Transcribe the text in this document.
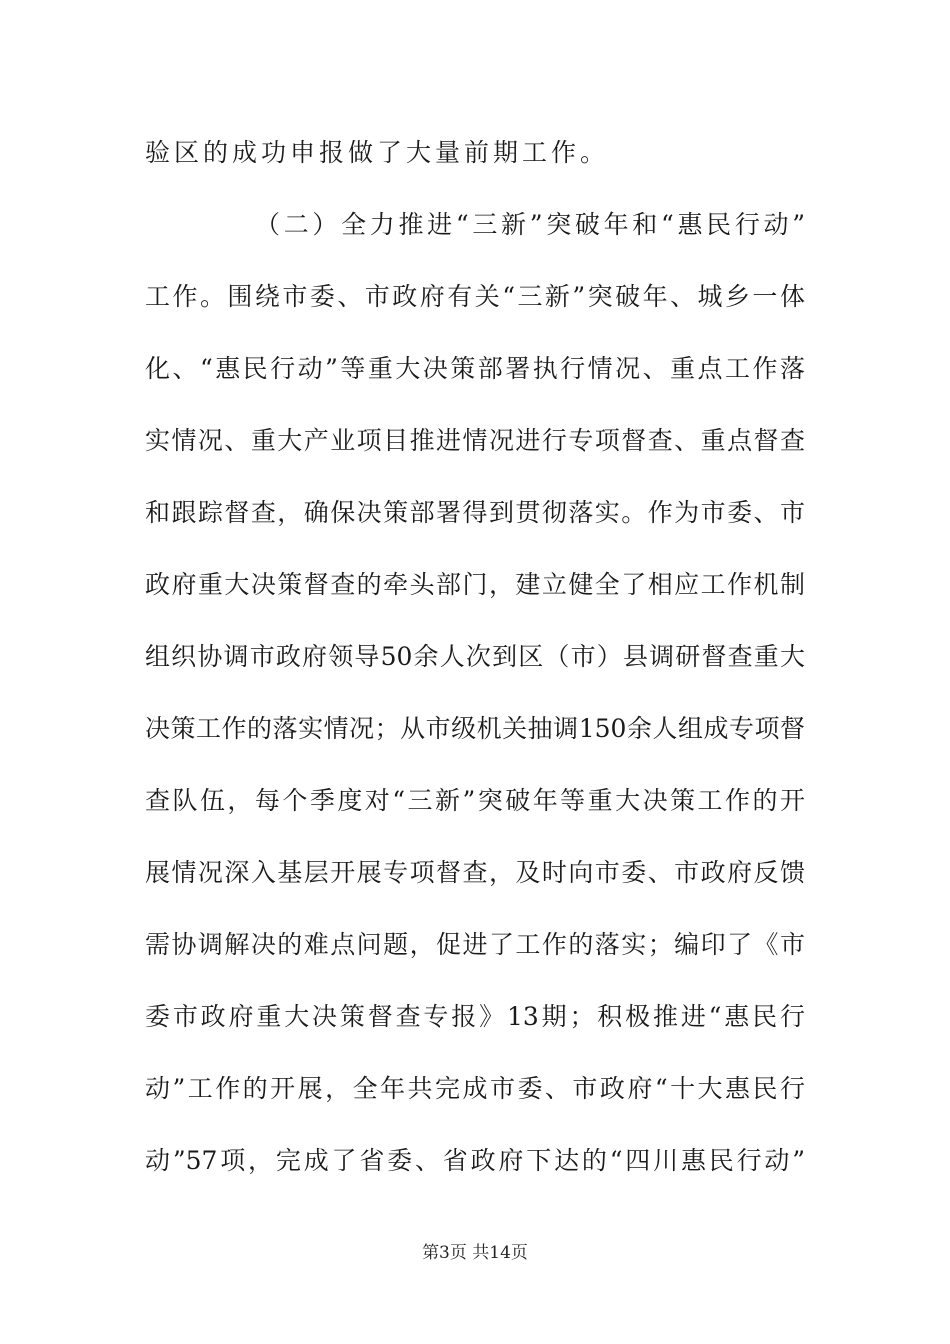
验区的成功申报做了大量前期工作。
（二）全力推进“三新”突破年和“惠民行动”
工作。围绕市委、市政府有关“三新”突破年、城乡一体
化、“惠民行动”等重大决策部署执行情况、重点工作落
实情况、重大产业项目推进情况进行专项督查、重点督查
和跟踪督查，确保决策部署得到贯彻落实。作为市委、市
政府重大决策督查的牵头部门，建立健全了相应工作机制
组织协调市政府领导50余人次到区（市）县调研督查重大
决策工作的落实情况；从市级机关抽调150余人组成专项督
查队伍，每个季度对“三新”突破年等重大决策工作的开
展情况深入基层开展专项督查，及时向市委、市政府反馈
需协调解决的难点问题，促进了工作的落实；编印了《市
委市政府重大决策督查专报》13期；积极推进“惠民行
动”工作的开展，全年共完成市委、市政府“十大惠民行
动”57项，完成了省委、省政府下达的“四川惠民行动”
第3页 共14页
